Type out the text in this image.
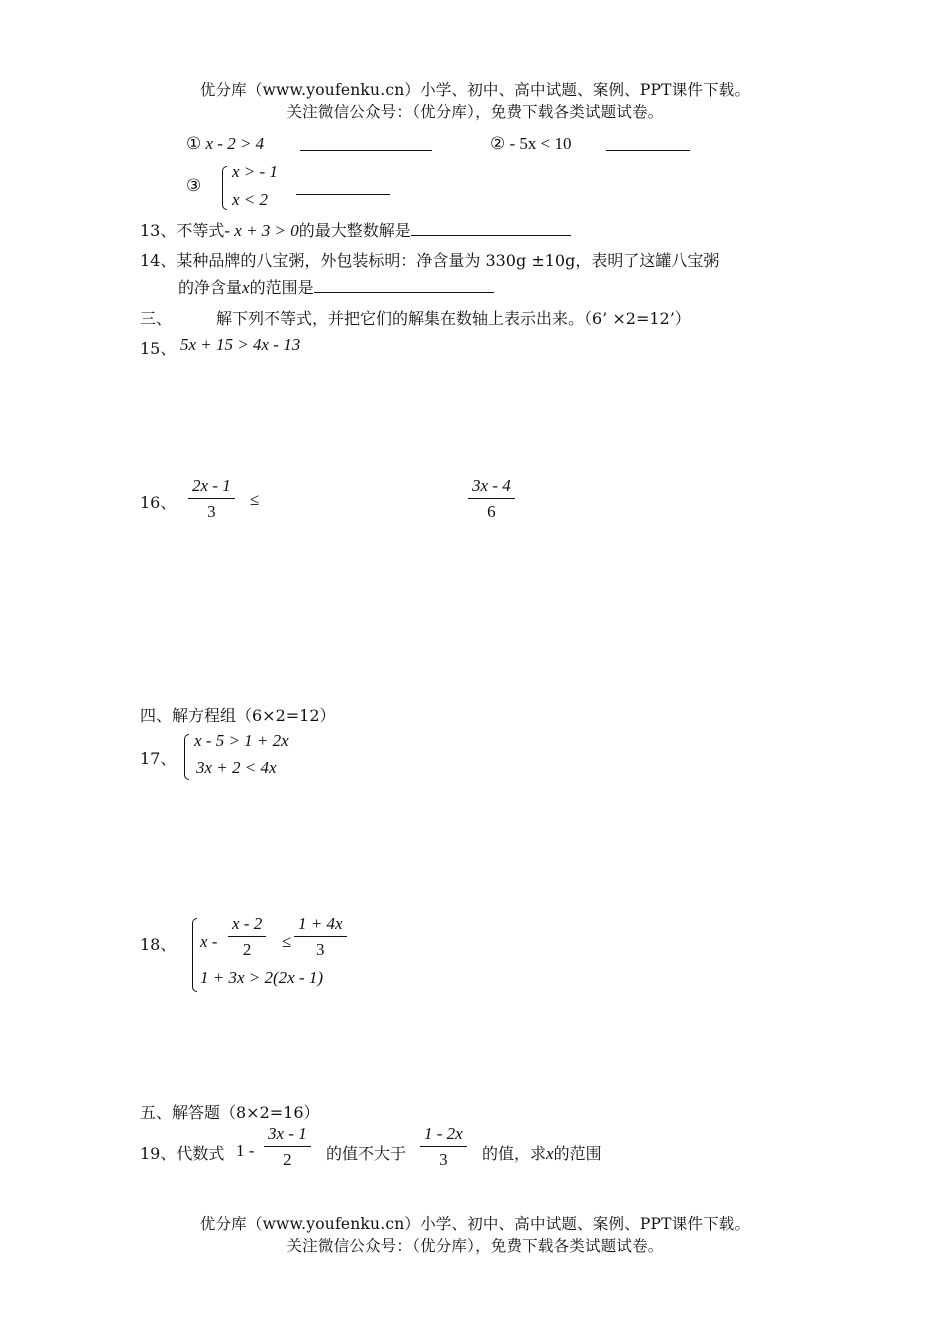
优分库（www.youfenku.cn）小学、初中、高中试题、案例、PPT课件下载。
关注微信公众号：（优分库），免费下载各类试题试卷。
① x - 2 > 4	② - 5x < 10
③
x > - 1
x < 2
13、不等式- x + 3 > 0的最大整数解是
14、某种品牌的八宝粥，外包装标明：净含量为 330g ±10g，表明了这罐八宝粥
的净含量x的范围是
三、	解下列不等式，并把它们的解集在数轴上表示出来。（6’ ×2=12’）
15、 5x + 15 > 4x - 13
16、 $\frac{2x - 1}{3}$ ≤	$\frac{3x - 4}{6}$
四、解方程组（6×2=12）
17、
x - 5 > 1 + 2x
3x + 2 < 4x
18、 $x - \frac{x - 2}{2} \le \frac{1 + 4x}{3}$
1 + 3x > 2(2x - 1)
五、解答题（8×2=16）
19、代数式 $1 - \frac{3x - 1}{2}$ 的值不大于 $\frac{1 - 2x}{3}$ 的值，求x的范围
优分库（www.youfenku.cn）小学、初中、高中试题、案例、PPT课件下载。
关注微信公众号：（优分库），免费下载各类试题试卷。
